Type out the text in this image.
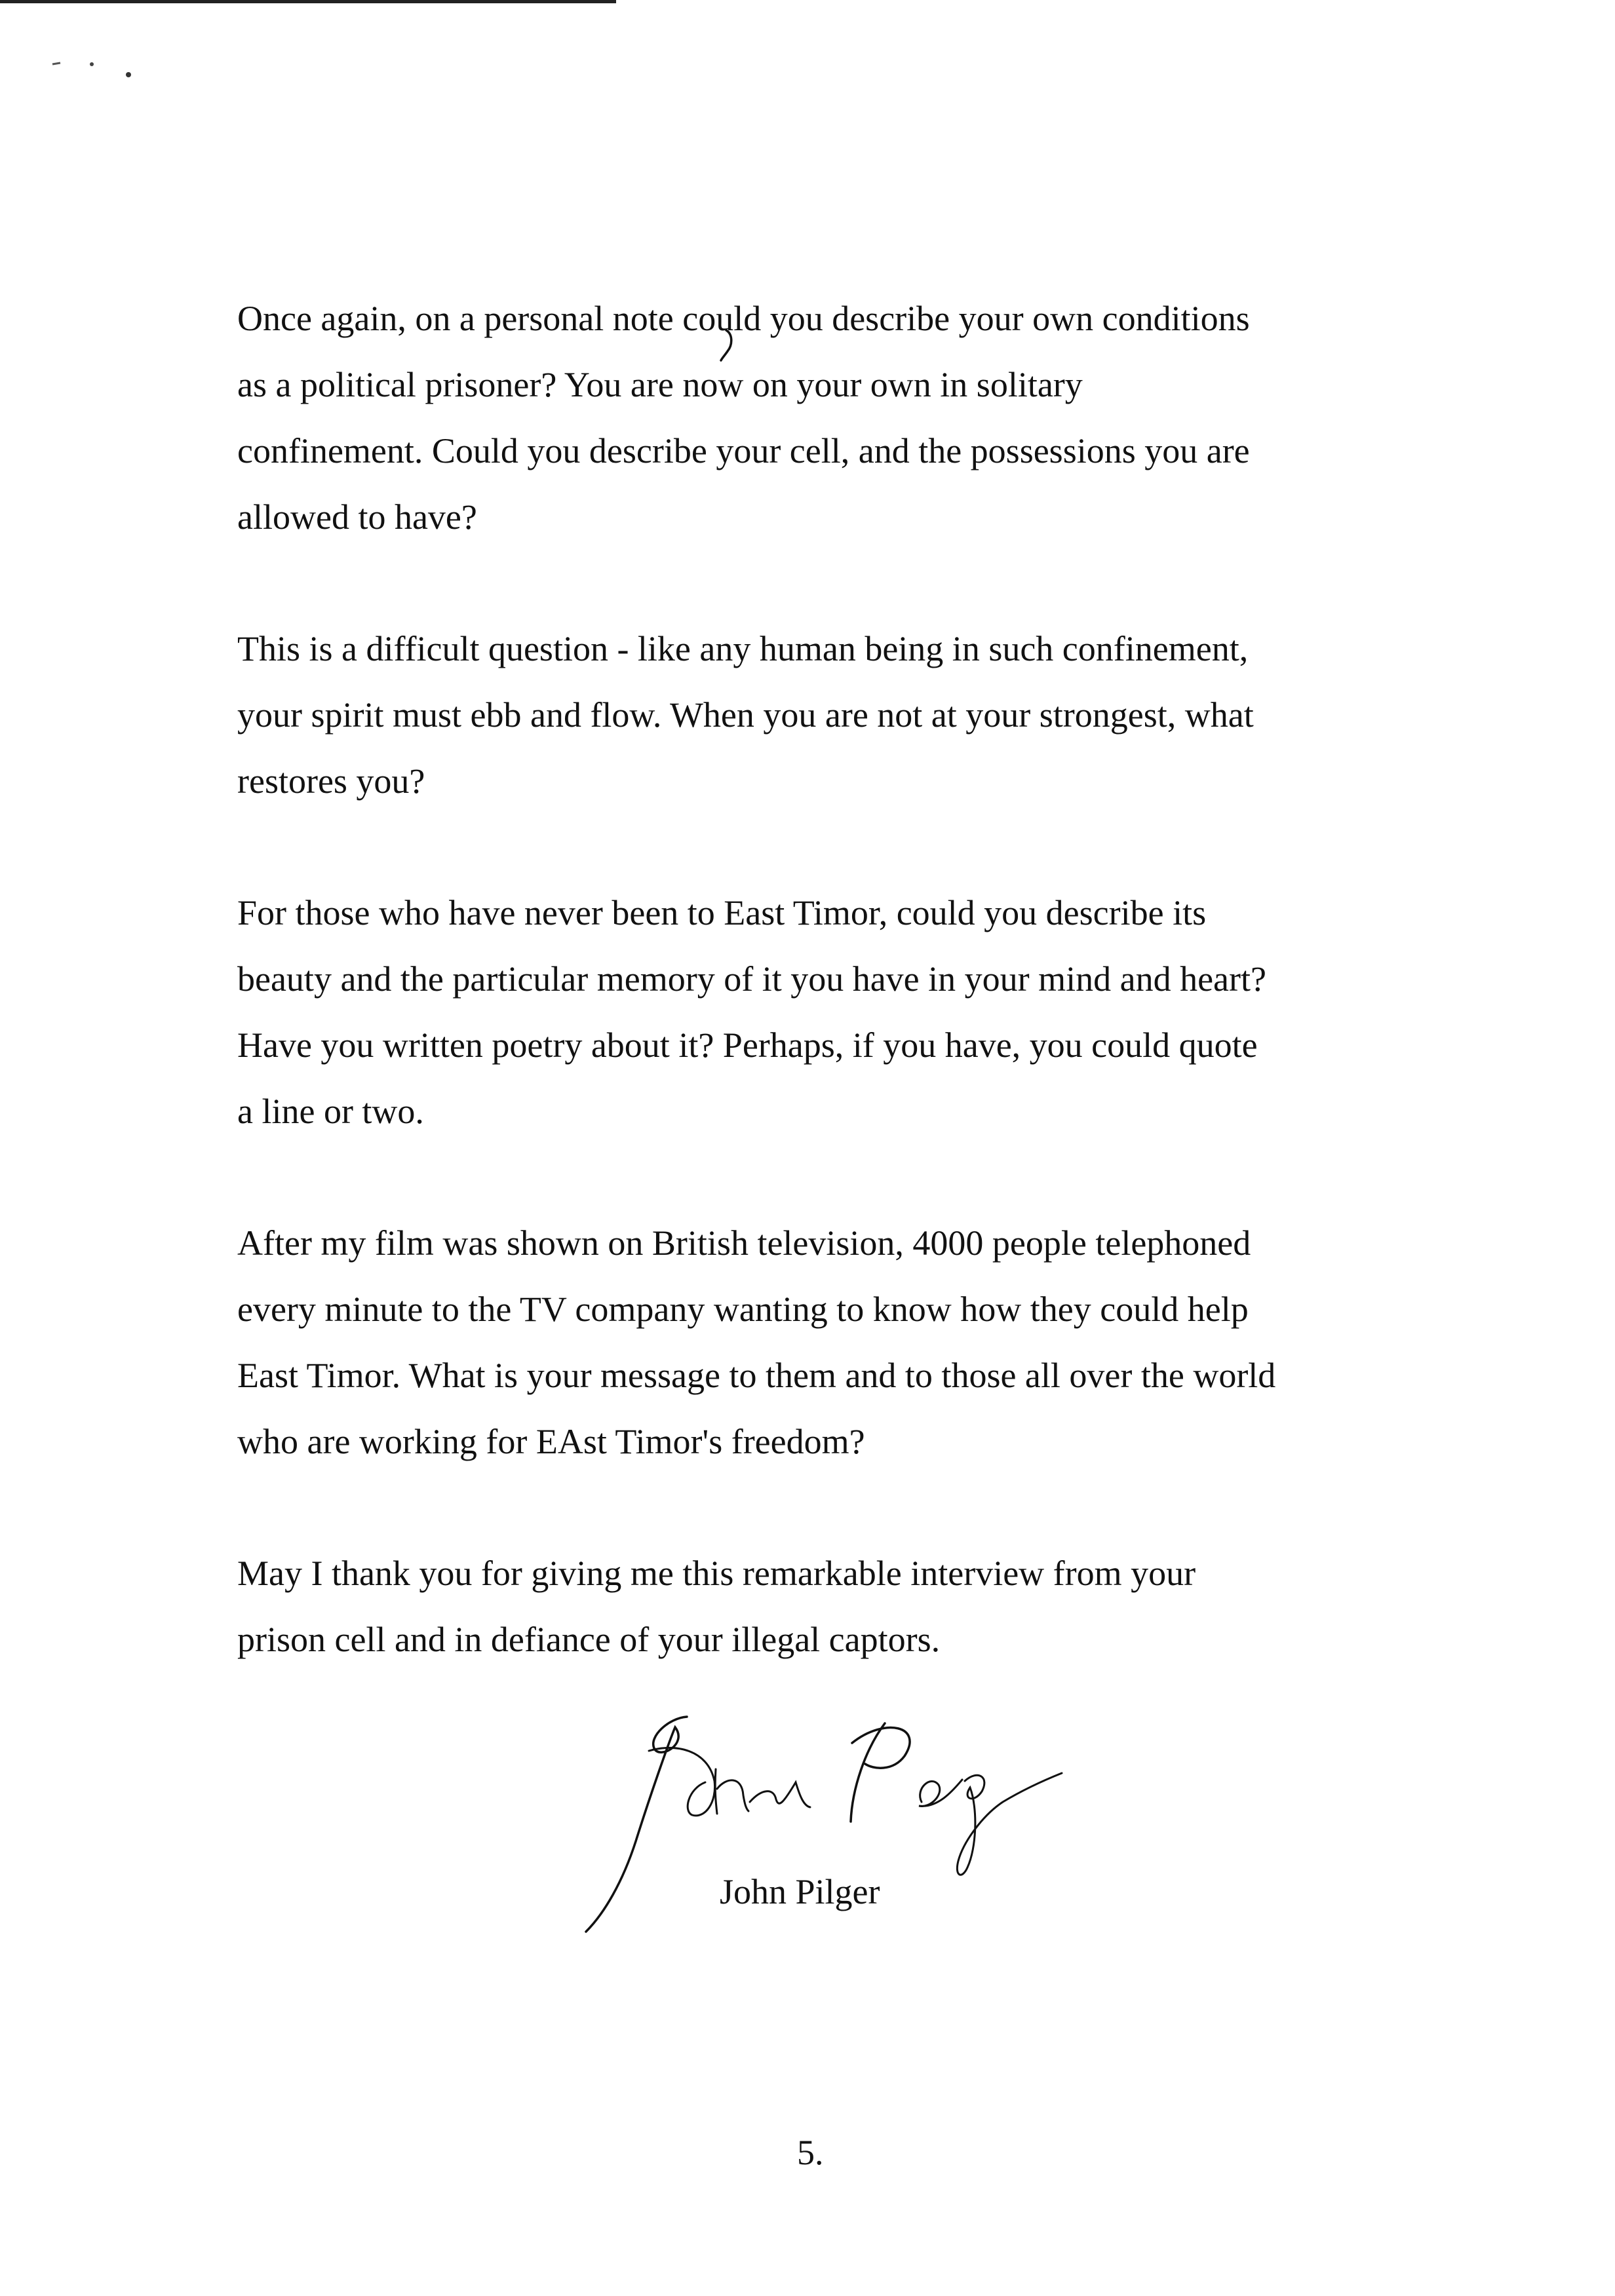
Once again, on a personal note could you describe your own conditions
as a political prisoner? You are now on your own in solitary
confinement. Could you describe your cell, and the possessions you are
allowed to have?

This is a difficult question - like any human being in such confinement,
your spirit must ebb and flow. When you are not at your strongest, what
restores you?

For those who have never been to East Timor, could you describe its
beauty and the particular memory of it you have in your mind and heart?
Have you written poetry about it? Perhaps, if you have, you could quote
a line or two.

After my film was shown on British television, 4000 people telephoned
every minute to the TV company wanting to know how they could help
East Timor. What is your message to them and to those all over the world
who are working for EAst Timor's freedom?

May I thank you for giving me this remarkable interview from your
prison cell and in defiance of your illegal captors.

John Pilger
5.
